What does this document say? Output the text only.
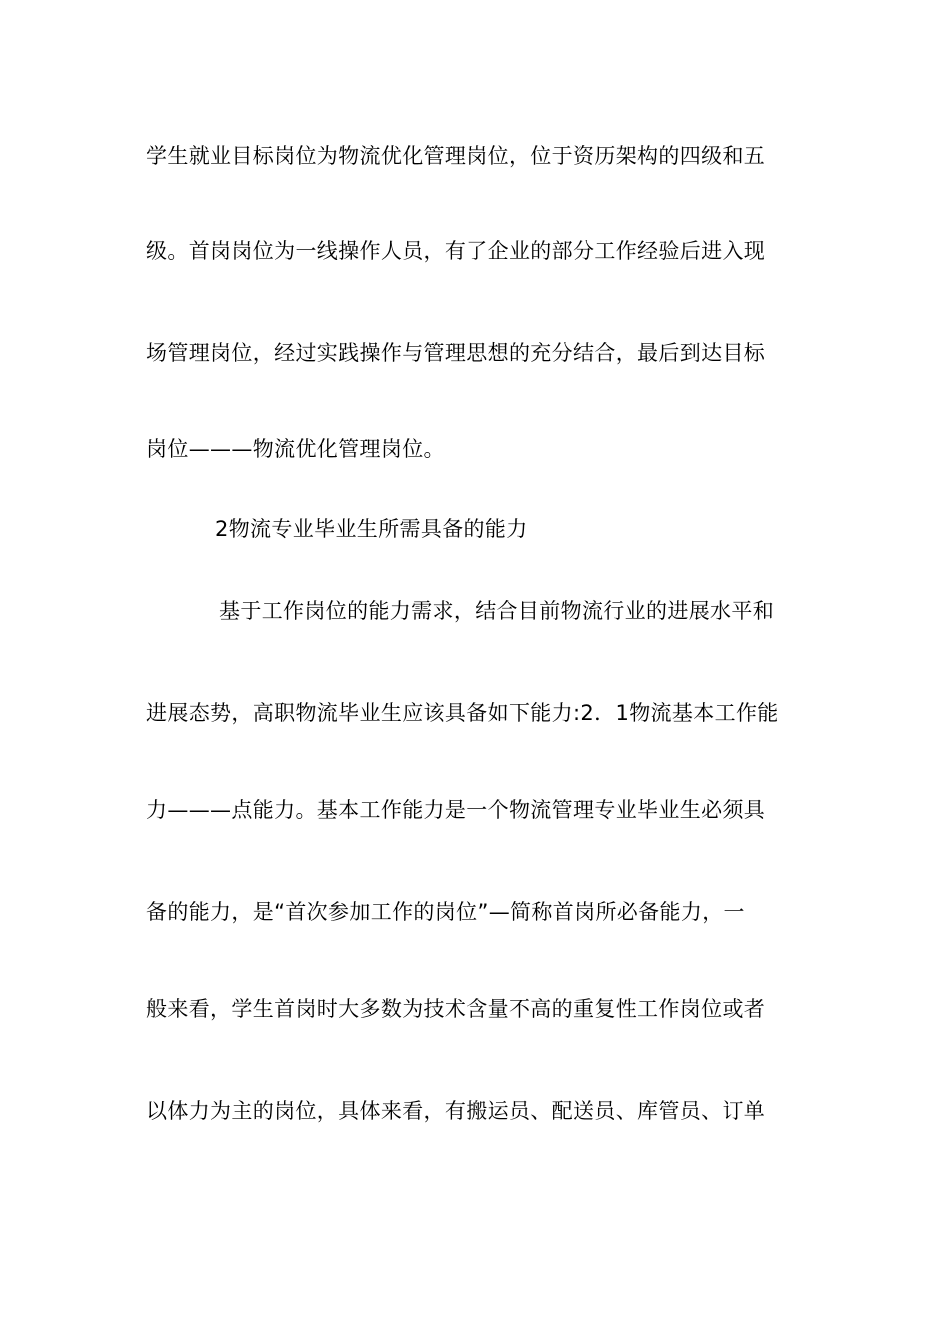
学生就业目标岗位为物流优化管理岗位，位于资历架构的四级和五
级。首岗岗位为一线操作人员，有了企业的部分工作经验后进入现
场管理岗位，经过实践操作与管理思想的充分结合，最后到达目标
岗位———物流优化管理岗位。
2物流专业毕业生所需具备的能力
基于工作岗位的能力需求，结合目前物流行业的进展水平和
进展态势，高职物流毕业生应该具备如下能力:2．1物流基本工作能
力———点能力。基本工作能力是一个物流管理专业毕业生必须具
备的能力，是“首次参加工作的岗位”—简称首岗所必备能力，一
般来看，学生首岗时大多数为技术含量不高的重复性工作岗位或者
以体力为主的岗位，具体来看，有搬运员、配送员、库管员、订单
